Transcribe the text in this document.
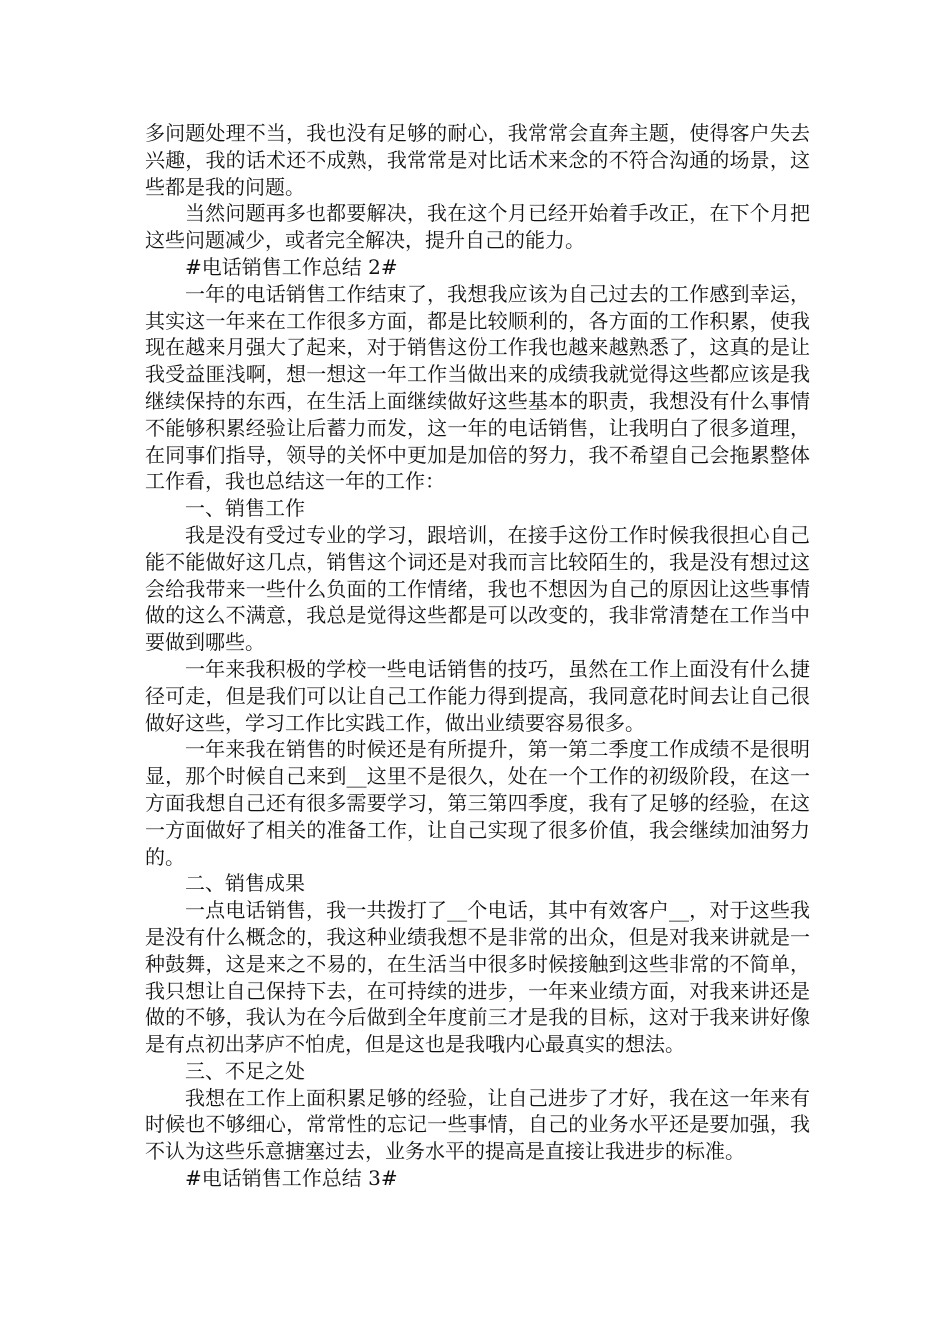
多问题处理不当，我也没有足够的耐心，我常常会直奔主题，使得客户失去兴趣，我的话术还不成熟，我常常是对比话术来念的不符合沟通的场景，这些都是我的问题。

当然问题再多也都要解决，我在这个月已经开始着手改正，在下个月把这些问题减少，或者完全解决，提升自己的能力。

#电话销售工作总结 2#

一年的电话销售工作结束了，我想我应该为自己过去的工作感到幸运，其实这一年来在工作很多方面，都是比较顺利的，各方面的工作积累，使我现在越来月强大了起来，对于销售这份工作我也越来越熟悉了，这真的是让我受益匪浅啊，想一想这一年工作当做出来的成绩我就觉得这些都应该是我继续保持的东西，在生活上面继续做好这些基本的职责，我想没有什么事情不能够积累经验让后蓄力而发，这一年的电话销售，让我明白了很多道理，在同事们指导，领导的关怀中更加是加倍的努力，我不希望自己会拖累整体工作看，我也总结这一年的工作：

一、销售工作

我是没有受过专业的学习，跟培训，在接手这份工作时候我很担心自己能不能做好这几点，销售这个词还是对我而言比较陌生的，我是没有想过这会给我带来一些什么负面的工作情绪，我也不想因为自己的原因让这些事情做的这么不满意，我总是觉得这些都是可以改变的，我非常清楚在工作当中要做到哪些。

一年来我积极的学校一些电话销售的技巧，虽然在工作上面没有什么捷径可走，但是我们可以让自己工作能力得到提高，我同意花时间去让自己很做好这些，学习工作比实践工作，做出业绩要容易很多。

一年来我在销售的时候还是有所提升，第一第二季度工作成绩不是很明显，那个时候自己来到__这里不是很久，处在一个工作的初级阶段，在这一方面我想自己还有很多需要学习，第三第四季度，我有了足够的经验，在这一方面做好了相关的准备工作，让自己实现了很多价值，我会继续加油努力的。

二、销售成果

一点电话销售，我一共拨打了__个电话，其中有效客户__，对于这些我是没有什么概念的，我这种业绩我想不是非常的出众，但是对我来讲就是一种鼓舞，这是来之不易的，在生活当中很多时候接触到这些非常的不简单，我只想让自己保持下去，在可持续的进步，一年来业绩方面，对我来讲还是做的不够，我认为在今后做到全年度前三才是我的目标，这对于我来讲好像是有点初出茅庐不怕虎，但是这也是我哦内心最真实的想法。

三、不足之处

我想在工作上面积累足够的经验，让自己进步了才好，我在这一年来有时候也不够细心，常常性的忘记一些事情，自己的业务水平还是要加强，我不认为这些乐意搪塞过去，业务水平的提高是直接让我进步的标准。

#电话销售工作总结 3#
